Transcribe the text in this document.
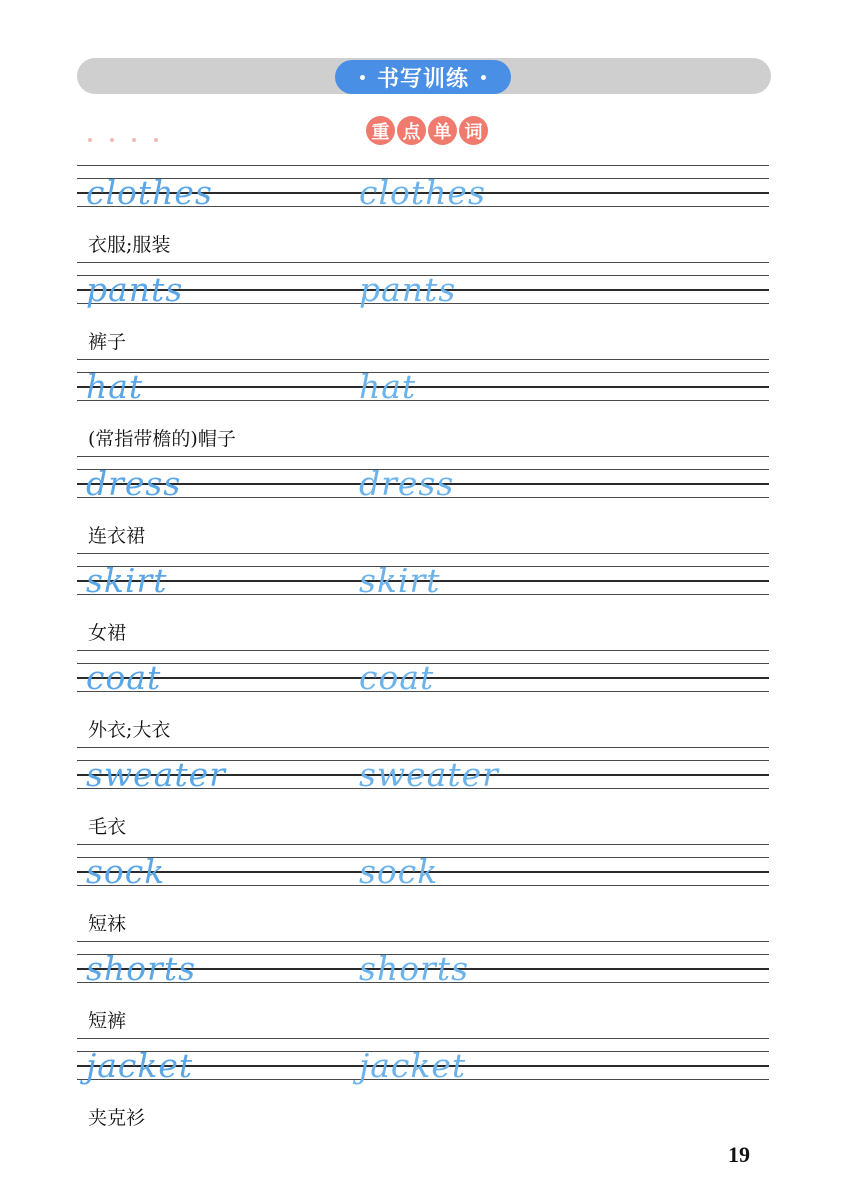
书写训练
重 点 单 词
clothes	clothes
衣服;服装
pants	pants
裤子
hat	hat
(常指带檐的)帽子
dress	dress
连衣裙
skirt	skirt
女裙
coat	coat
外衣;大衣
sweater	sweater
毛衣
sock	sock
短袜
shorts	shorts
短裤
jacket	jacket
夹克衫
19
